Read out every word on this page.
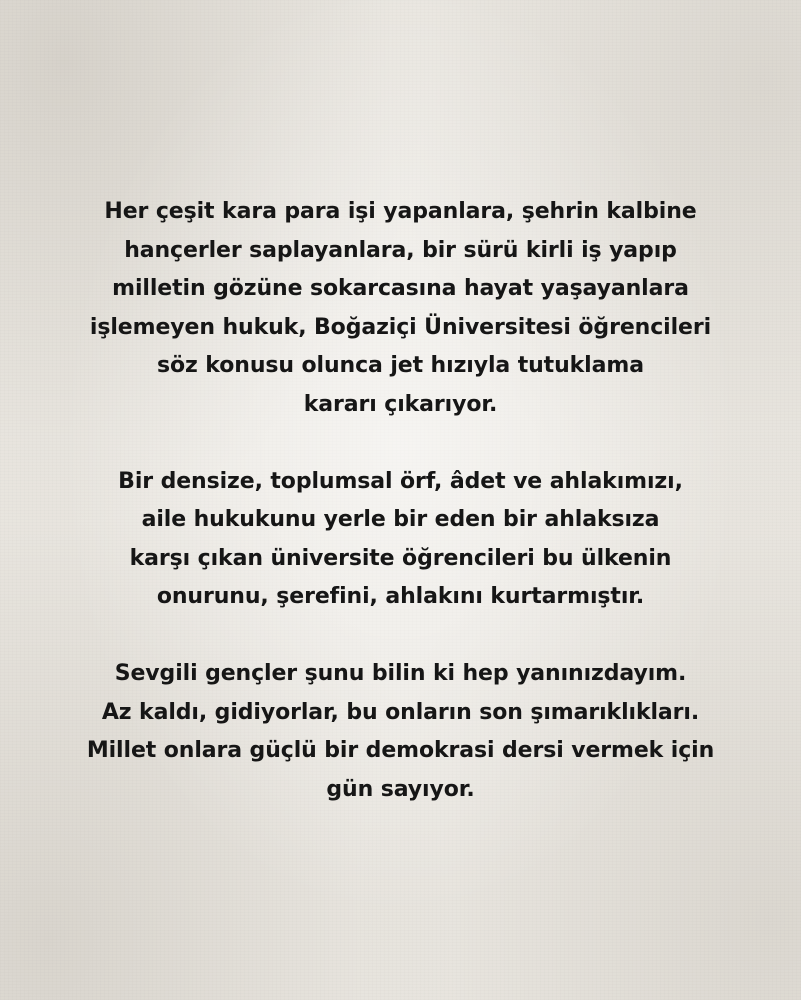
Her çeşit kara para işi yapanlara, şehrin kalbine
hançerler saplayanlara, bir sürü kirli iş yapıp
milletin gözüne sokarcasına hayat yaşayanlara
işlemeyen hukuk, Boğaziçi Üniversitesi öğrencileri
söz konusu olunca jet hızıyla tutuklama
kararı çıkarıyor.

Bir densize, toplumsal örf, âdet ve ahlakımızı,
aile hukukunu yerle bir eden bir ahlaksıza
karşı çıkan üniversite öğrencileri bu ülkenin
onurunu, şerefini, ahlakını kurtarmıştır.

Sevgili gençler şunu bilin ki hep yanınızdayım.
Az kaldı, gidiyorlar, bu onların son şımarıklıkları.
Millet onlara güçlü bir demokrasi dersi vermek için
gün sayıyor.
